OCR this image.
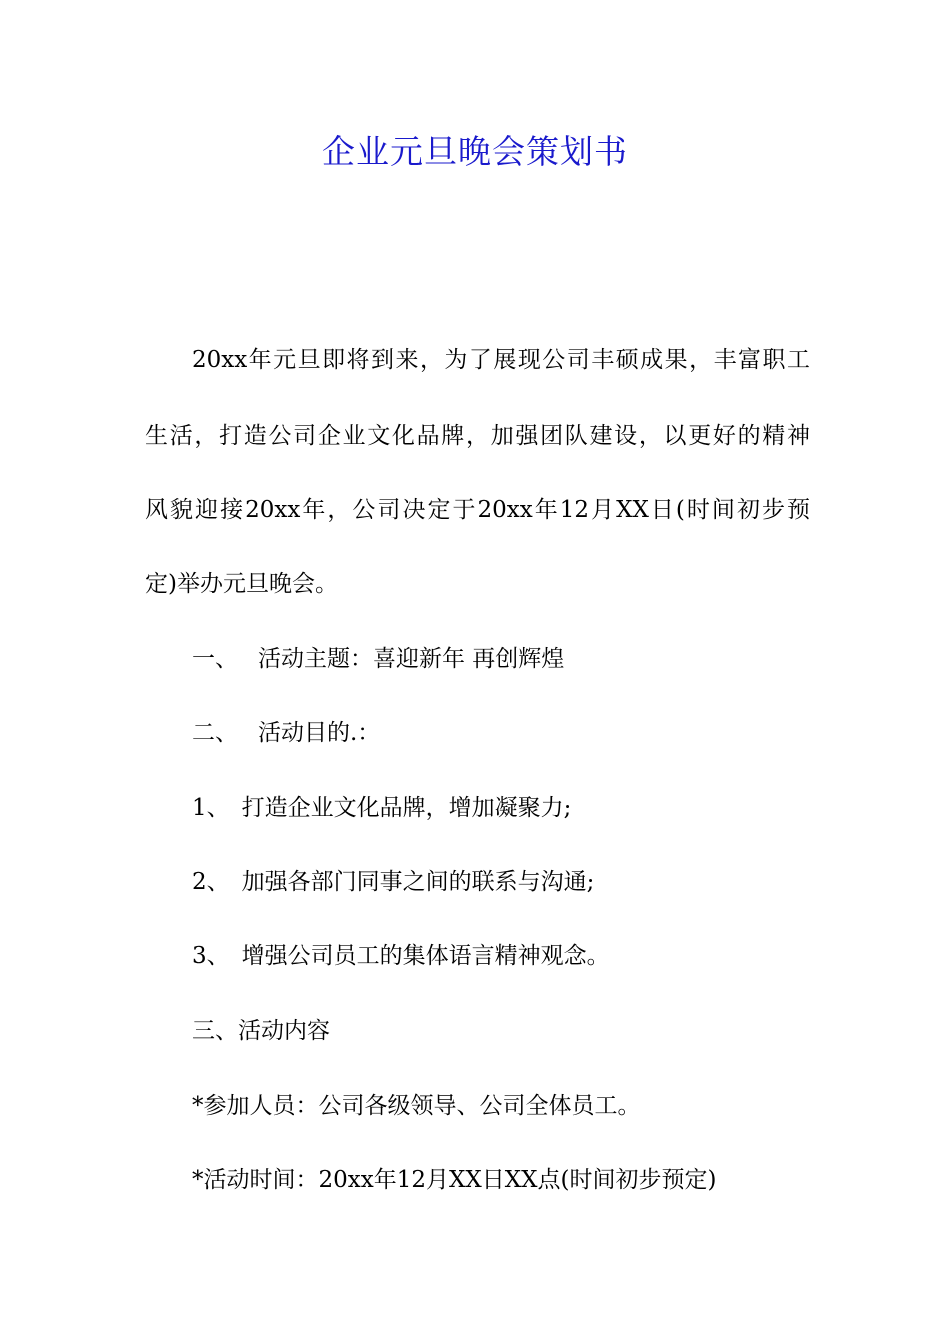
企业元旦晚会策划书
20xx年元旦即将到来，为了展现公司丰硕成果，丰富职工
生活，打造公司企业文化品牌，加强团队建设，以更好的精神
风貌迎接20xx年，公司决定于20xx年12月XX日(时间初步预
定)举办元旦晚会。
一、 活动主题：喜迎新年 再创辉煌
二、 活动目的.：
1、 打造企业文化品牌，增加凝聚力;
2、 加强各部门同事之间的联系与沟通;
3、 增强公司员工的集体语言精神观念。
三、活动内容
*参加人员：公司各级领导、公司全体员工。
*活动时间：20xx年12月XX日XX点(时间初步预定)
